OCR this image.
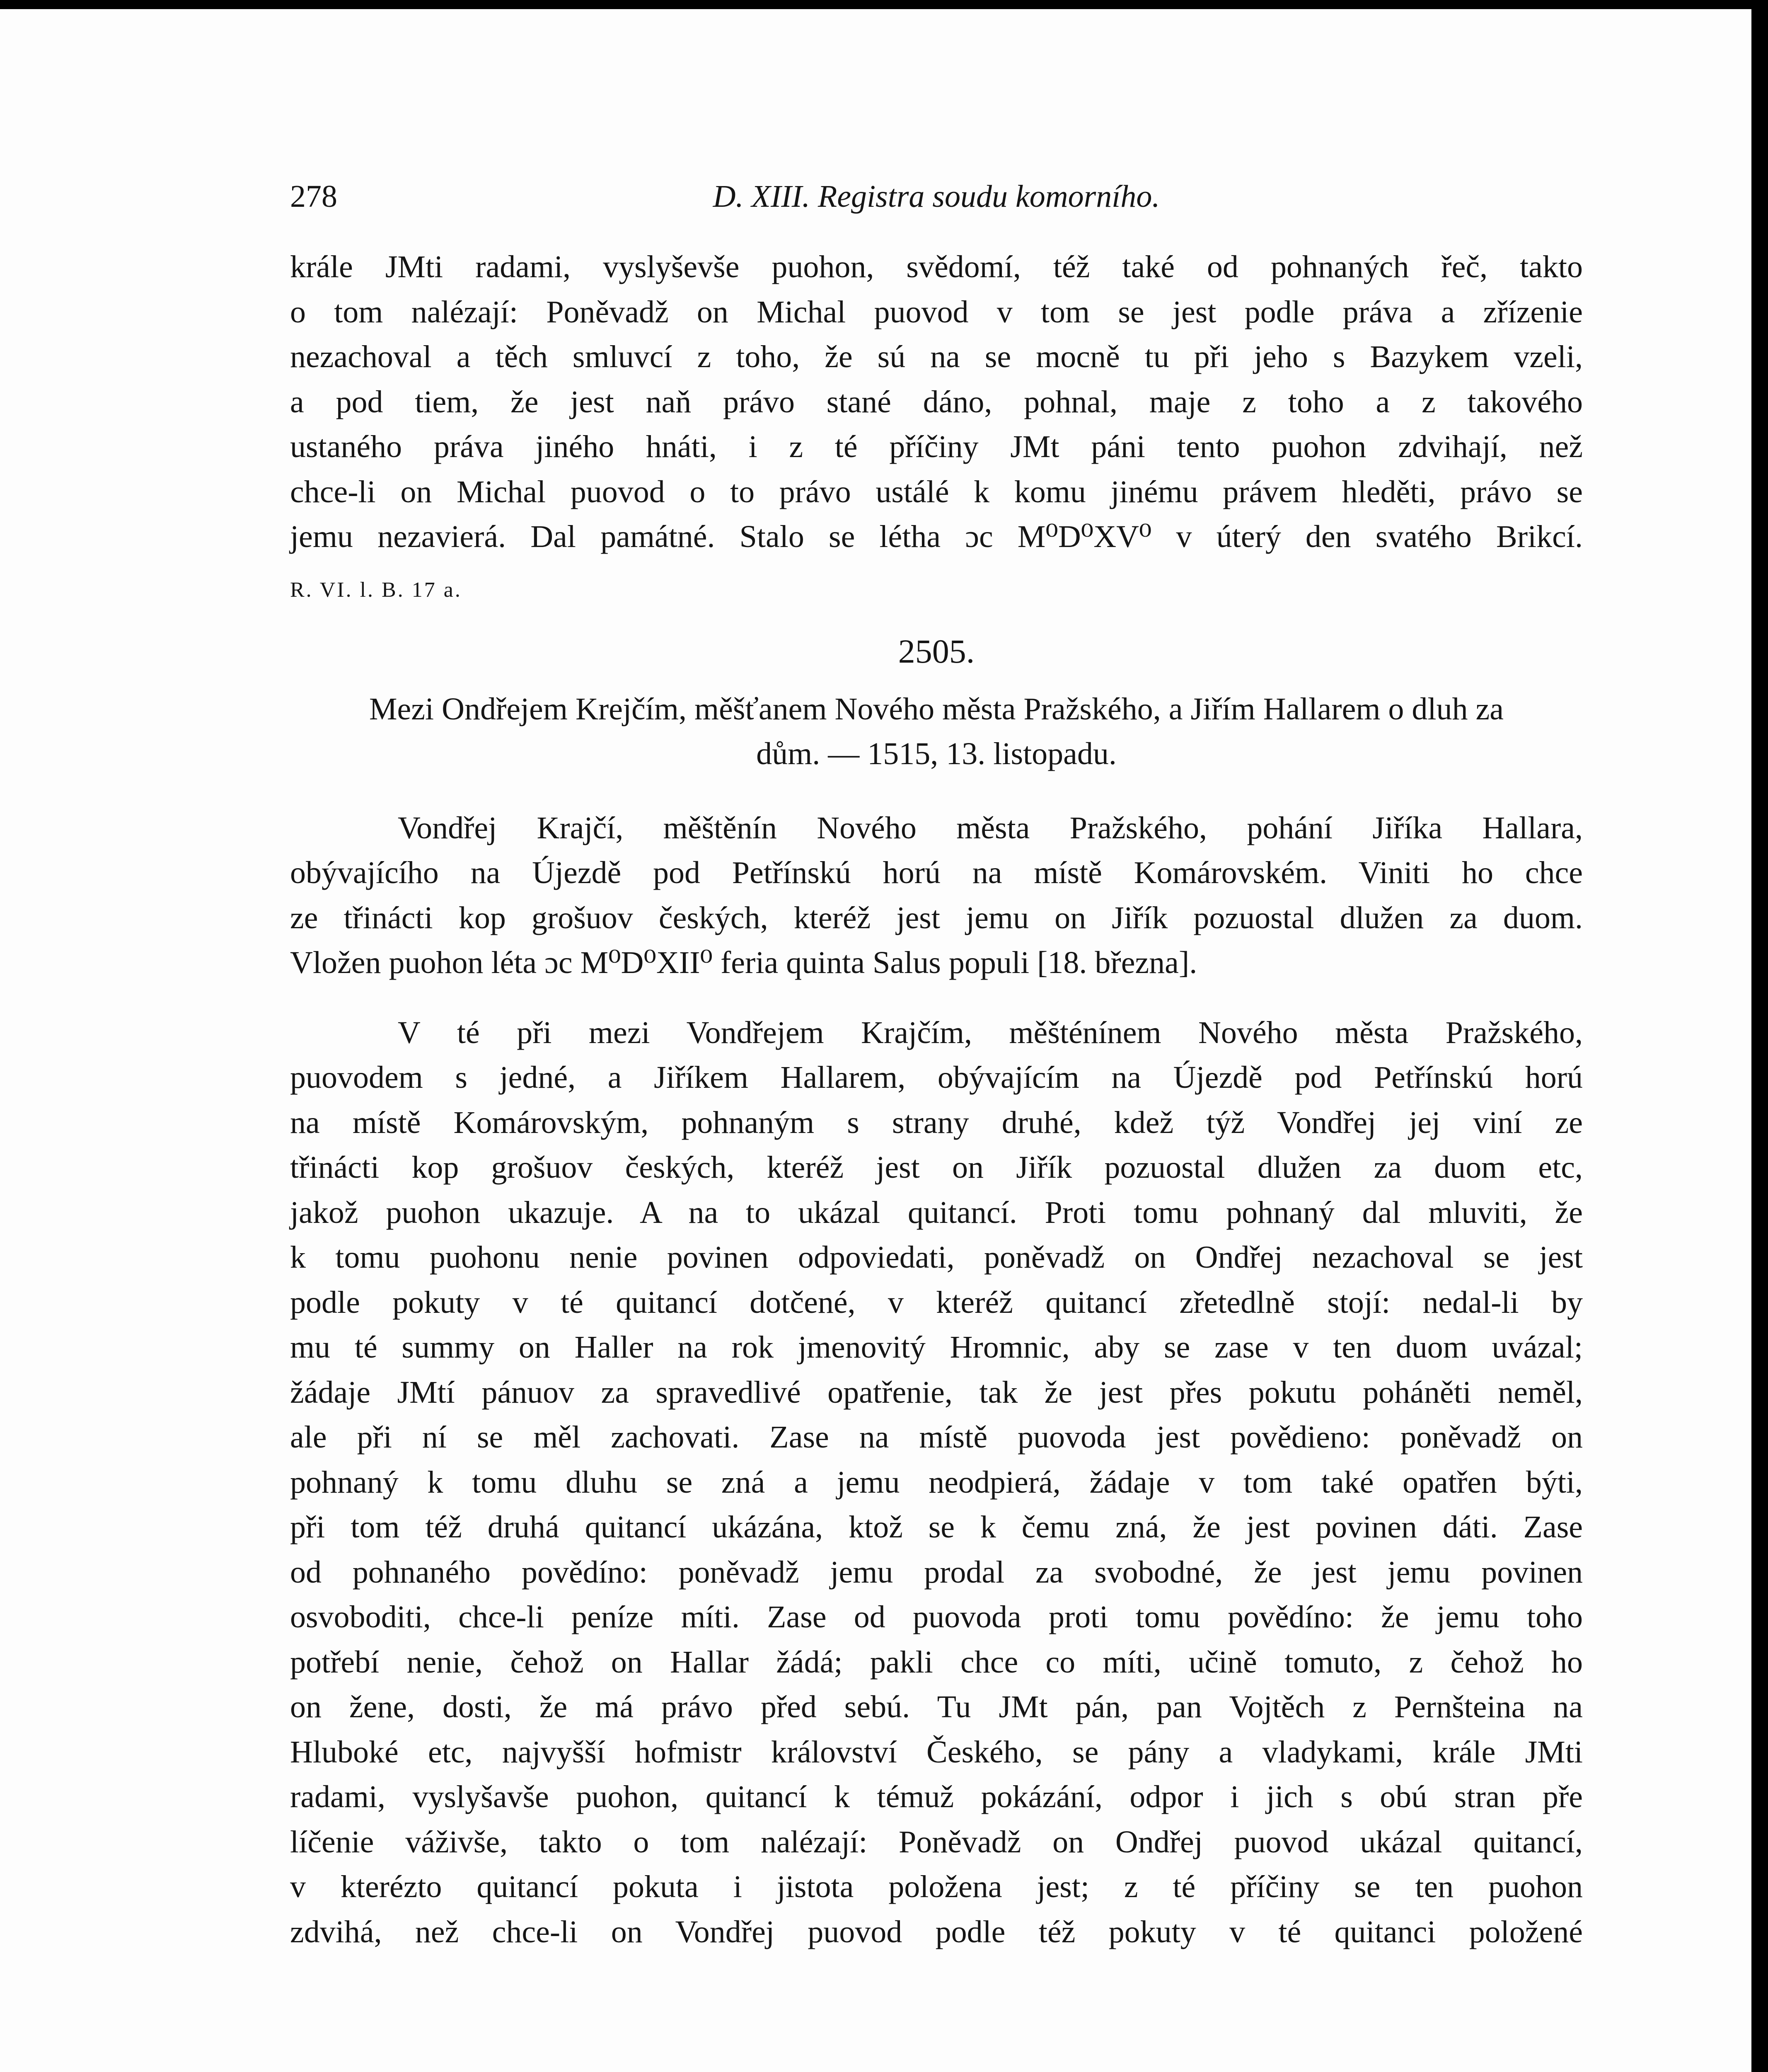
278	D. XIII. Registra soudu komorního.
krále JMti radami, vyslyševše puohon, svědomí, též také od pohnaných řeč, takto
o tom nalézají: Poněvadž on Michal puovod v tom se jest podle práva a zřízenie
nezachoval a těch smluvcí z toho, že sú na se mocně tu při jeho s Bazykem vzeli,
a pod tiem, že jest naň právo stané dáno, pohnal, maje z toho a z takového
ustaného práva jiného hnáti, i z té příčiny JMt páni tento puohon zdvihají, než
chce-li on Michal puovod o to právo ustálé k komu jinému právem hleděti, právo se
jemu nezavierá. Dal památné. Stalo se létha ɔc M⁰D⁰XV⁰ v úterý den svatého Brikcí.
R. VI. l. B. 17 a.
2505.
Mezi Ondřejem Krejčím, měšťanem Nového města Pražského, a Jiřím Hallarem o dluh za
dům. — 1515, 13. listopadu.
Vondřej Krajčí, měštěnín Nového města Pražského, pohání Jiříka Hallara,
obývajícího na Újezdě pod Petřínskú horú na místě Komárovském. Viniti ho chce
ze třinácti kop grošuov českých, kteréž jest jemu on Jiřík pozuostal dlužen za duom.
Vložen puohon léta ɔc M⁰D⁰XII⁰ feria quinta Salus populi [18. března].
V té při mezi Vondřejem Krajčím, měšténínem Nového města Pražského,
puovodem s jedné, a Jiříkem Hallarem, obývajícím na Újezdě pod Petřínskú horú
na místě Komárovským, pohnaným s strany druhé, kdež týž Vondřej jej viní ze
třinácti kop grošuov českých, kteréž jest on Jiřík pozuostal dlužen za duom etc,
jakož puohon ukazuje. A na to ukázal quitancí. Proti tomu pohnaný dal mluviti, že
k tomu puohonu nenie povinen odpoviedati, poněvadž on Ondřej nezachoval se jest
podle pokuty v té quitancí dotčené, v kteréž quitancí zřetedlně stojí: nedal-li by
mu té summy on Haller na rok jmenovitý Hromnic, aby se zase v ten duom uvázal;
žádaje JMtí pánuov za spravedlivé opatřenie, tak že jest přes pokutu poháněti neměl,
ale při ní se měl zachovati. Zase na místě puovoda jest povědieno: poněvadž on
pohnaný k tomu dluhu se zná a jemu neodpierá, žádaje v tom také opatřen býti,
při tom též druhá quitancí ukázána, ktož se k čemu zná, že jest povinen dáti. Zase
od pohnaného povědíno: poněvadž jemu prodal za svobodné, že jest jemu povinen
osvoboditi, chce-li peníze míti. Zase od puovoda proti tomu povědíno: že jemu toho
potřebí nenie, čehož on Hallar žádá; pakli chce co míti, učině tomuto, z čehož ho
on žene, dosti, že má právo před sebú. Tu JMt pán, pan Vojtěch z Pernšteina na
Hluboké etc, najvyšší hofmistr království Českého, se pány a vladykami, krále JMti
radami, vyslyšavše puohon, quitancí k témuž pokázání, odpor i jich s obú stran pře
líčenie váživše, takto o tom nalézají: Poněvadž on Ondřej puovod ukázal quitancí,
v kterézto quitancí pokuta i jistota položena jest; z té příčiny se ten puohon
zdvihá, než chce-li on Vondřej puovod podle též pokuty v té quitanci položené
